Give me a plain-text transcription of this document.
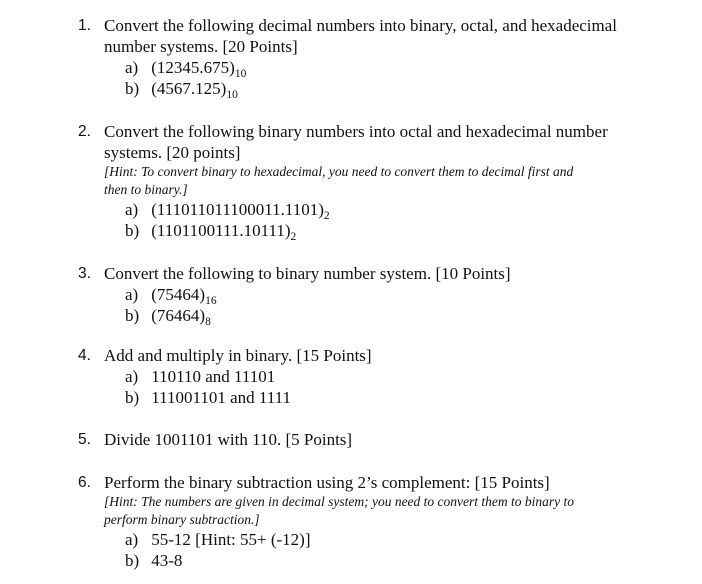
1. Convert the following decimal numbers into binary, octal, and hexadecimal
number systems. [20 Points]
a) $(12345.675)_{10}$
b) $(4567.125)_{10}$
2. Convert the following binary numbers into octal and hexadecimal number
systems. [20 points]
[Hint: To convert binary to hexadecimal, you need to convert them to decimal first and
then to binary.]
a) $(111011011100011.1101)_2$
b) $(1101100111.10111)_2$
3. Convert the following to binary number system. [10 Points]
a) $(75464)_{16}$
b) $(76464)_8$
4. Add and multiply in binary. [15 Points]
a) 110110 and 11101
b) 111001101 and 1111
5. Divide 1001101 with 110. [5 Points]
6. Perform the binary subtraction using 2’s complement: [15 Points]
[Hint: The numbers are given in decimal system; you need to convert them to binary to
perform binary subtraction.]
a) 55-12 [Hint: 55+ (-12)]
b) 43-8
